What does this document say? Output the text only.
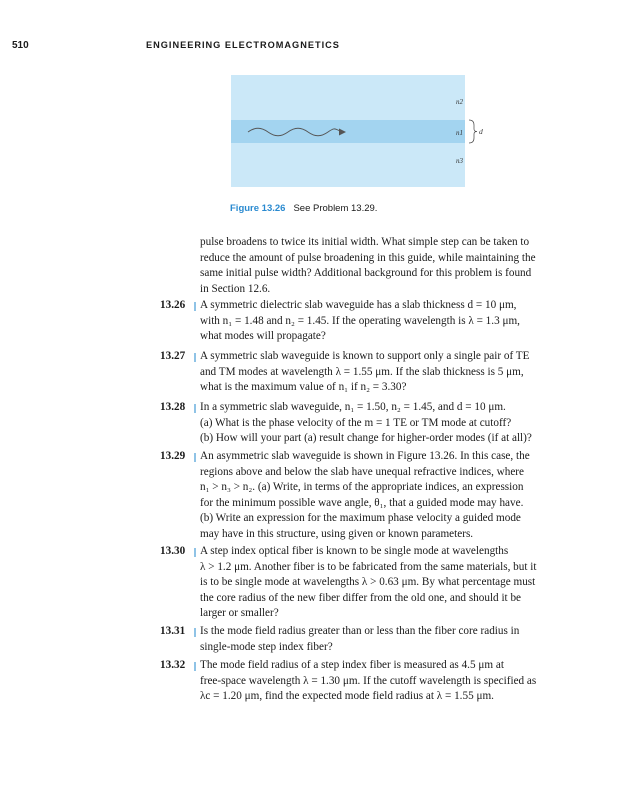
510	ENGINEERING ELECTROMAGNETICS
n2
n1
n3
d
Figure 13.26 See Problem 13.29.
pulse broadens to twice its initial width. What simple step can be taken to
reduce the amount of pulse broadening in this guide, while maintaining the
same initial pulse width? Additional background for this problem is found
in Section 12.6.
13.26 A symmetric dielectric slab waveguide has a slab thickness d = 10 μm,
with n₁ = 1.48 and n₂ = 1.45. If the operating wavelength is λ = 1.3 μm,
what modes will propagate?
13.27 A symmetric slab waveguide is known to support only a single pair of TE
and TM modes at wavelength λ = 1.55 μm. If the slab thickness is 5 μm,
what is the maximum value of n₁ if n₂ = 3.30?
13.28 In a symmetric slab waveguide, n₁ = 1.50, n₂ = 1.45, and d = 10 μm.
(a) What is the phase velocity of the m = 1 TE or TM mode at cutoff?
(b) How will your part (a) result change for higher-order modes (if at all)?
13.29 An asymmetric slab waveguide is shown in Figure 13.26. In this case, the
regions above and below the slab have unequal refractive indices, where
n₁ > n₃ > n₂. (a) Write, in terms of the appropriate indices, an expression
for the minimum possible wave angle, θ₁, that a guided mode may have.
(b) Write an expression for the maximum phase velocity a guided mode
may have in this structure, using given or known parameters.
13.30 A step index optical fiber is known to be single mode at wavelengths
λ > 1.2 μm. Another fiber is to be fabricated from the same materials, but it
is to be single mode at wavelengths λ > 0.63 μm. By what percentage must
the core radius of the new fiber differ from the old one, and should it be
larger or smaller?
13.31 Is the mode field radius greater than or less than the fiber core radius in
single-mode step index fiber?
13.32 The mode field radius of a step index fiber is measured as 4.5 μm at
free-space wavelength λ = 1.30 μm. If the cutoff wavelength is specified as
λc = 1.20 μm, find the expected mode field radius at λ = 1.55 μm.
